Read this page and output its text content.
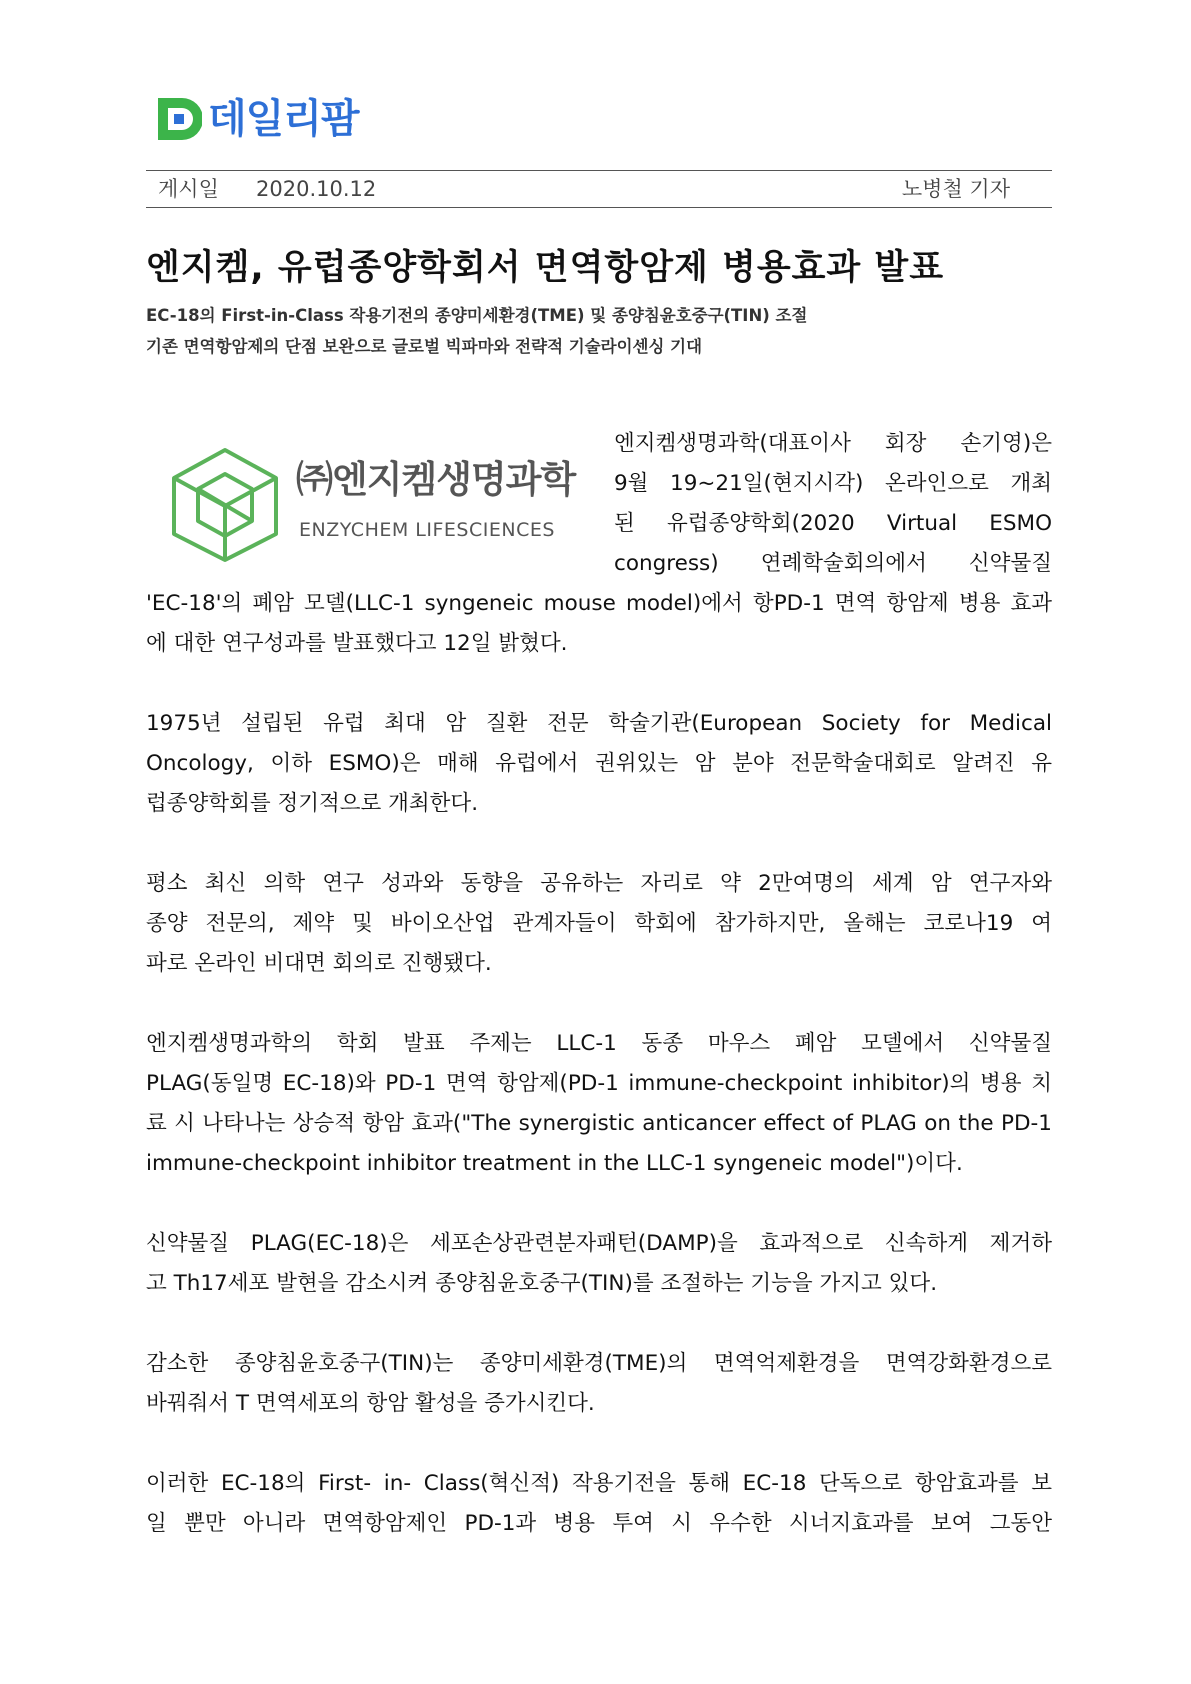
데일리팜
게시일 2020.10.12	노병철 기자
엔지켐, 유럽종양학회서 면역항암제 병용효과 발표

EC-18의 First-in-Class 작용기전의 종양미세환경(TME) 및 종양침윤호중구(TIN) 조절

기존 면역항암제의 단점 보완으로 글로벌 빅파마와 전략적 기술라이센싱 기대

㈜엔지켐생명과학
ENZYCHEM LIFESCIENCES
엔지켐생명과학(대표이사 회장 손기영)은
9월 19~21일(현지시각) 온라인으로 개최
된 유럽종양학회(2020 Virtual ESMO
congress) 연례학술회의에서 신약물질
'EC-18'의 폐암 모델(LLC-1 syngeneic mouse model)에서 항PD-1 면역 항암제 병용 효과
에 대한 연구성과를 발표했다고 12일 밝혔다.
1975년 설립된 유럽 최대 암 질환 전문 학술기관(European Society for Medical
Oncology, 이하 ESMO)은 매해 유럽에서 권위있는 암 분야 전문학술대회로 알려진 유
럽종양학회를 정기적으로 개최한다.
평소 최신 의학 연구 성과와 동향을 공유하는 자리로 약 2만여명의 세계 암 연구자와
종양 전문의, 제약 및 바이오산업 관계자들이 학회에 참가하지만, 올해는 코로나19 여
파로 온라인 비대면 회의로 진행됐다.
엔지켐생명과학의 학회 발표 주제는 LLC-1 동종 마우스 폐암 모델에서 신약물질
PLAG(동일명 EC-18)와 PD-1 면역 항암제(PD-1 immune-checkpoint inhibitor)의 병용 치
료 시 나타나는 상승적 항암 효과("The synergistic anticancer effect of PLAG on the PD-1
immune-checkpoint inhibitor treatment in the LLC-1 syngeneic model")이다.
신약물질 PLAG(EC-18)은 세포손상관련분자패턴(DAMP)을 효과적으로 신속하게 제거하
고 Th17세포 발현을 감소시켜 종양침윤호중구(TIN)를 조절하는 기능을 가지고 있다.
감소한 종양침윤호중구(TIN)는 종양미세환경(TME)의 면역억제환경을 면역강화환경으로
바꿔줘서 T 면역세포의 항암 활성을 증가시킨다.
이러한 EC-18의 First- in- Class(혁신적) 작용기전을 통해 EC-18 단독으로 항암효과를 보
일 뿐만 아니라 면역항암제인 PD-1과 병용 투여 시 우수한 시너지효과를 보여 그동안
